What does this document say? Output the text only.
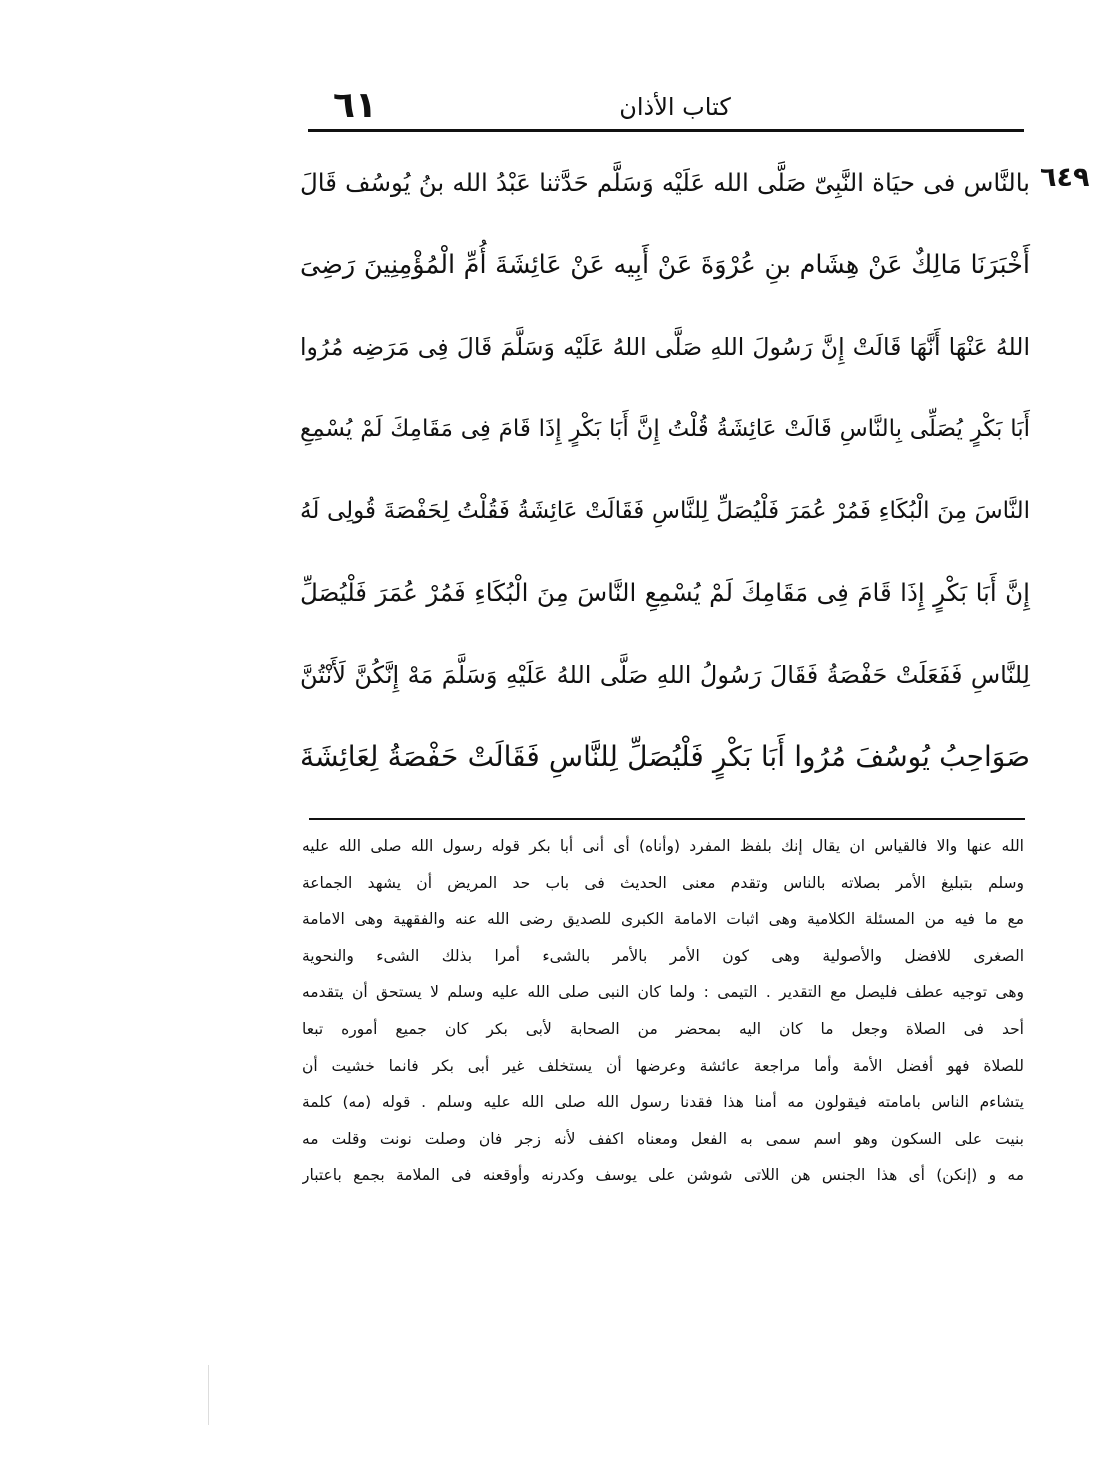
٦١	كتاب الأذان
٦٤٩
بالنَّاس فى حيَاة النَّبِىّ صَلَّى الله عَلَيْه وَسَلَّم حَدَّثنا عَبْدُ الله بنُ يُوسُف قَالَ
أَخْبَرَنَا مَالِكٌ عَنْ هِشَام بنِ عُرْوَةَ عَنْ أَبِيه عَنْ عَائِشَةَ أُمِّ الْمُؤْمِنِينَ رَضِىَ
اللهُ عَنْهَا أَنَّهَا قَالَتْ إِنَّ رَسُولَ اللهِ صَلَّى اللهُ عَلَيْه وَسَلَّمَ قَالَ فِى مَرَضِه مُرُوا
أَبَا بَكْرٍ يُصَلِّى بِالنَّاسِ قَالَتْ عَائِشَةُ قُلْتُ إِنَّ أَبَا بَكْرٍ إِذَا قَامَ فِى مَقَامِكَ لَمْ يُسْمِعِ
النَّاسَ مِنَ الْبُكَاءِ فَمُرْ عُمَرَ فَلْيُصَلِّ لِلنَّاسِ فَقَالَتْ عَائِشَةُ فَقُلْتُ لِحَفْصَةَ قُولِى لَهُ
إِنَّ أَبَا بَكْرٍ إِذَا قَامَ فِى مَقَامِكَ لَمْ يُسْمِعِ النَّاسَ مِنَ الْبُكَاءِ فَمُرْ عُمَرَ فَلْيُصَلِّ
لِلنَّاسِ فَفَعَلَتْ حَفْصَةُ فَقَالَ رَسُولُ اللهِ صَلَّى اللهُ عَلَيْهِ وَسَلَّمَ مَهْ إِنَّكُنَّ لَأَنْتُنَّ
صَوَاحِبُ يُوسُفَ مُرُوا أَبَا بَكْرٍ فَلْيُصَلِّ لِلنَّاسِ فَقَالَتْ حَفْصَةُ لِعَائِشَةَ
الله عنها والا فالقياس ان يقال إنك بلفظ المفرد (وأناه) أى أنى أبا بكر قوله رسول الله صلى الله عليه
وسلم بتبليغ الأمر بصلاته بالناس وتقدم معنى الحديث فى باب حد المريض أن يشهد الجماعة
مع ما فيه من المسئلة الكلامية وهى اثبات الامامة الكبرى للصديق رضى الله عنه والفقهية وهى الامامة
الصغرى للافضل والأصولية وهى كون الأمر بالأمر بالشىء أمرا بذلك الشىء والنحوية
وهى توجيه عطف فليصل مع التقدير . التيمى : ولما كان النبى صلى الله عليه وسلم لا يستحق أن يتقدمه
أحد فى الصلاة وجعل ما كان اليه بمحضر من الصحابة لأبى بكر كان جميع أموره تبعا
للصلاة فهو أفضل الأمة وأما مراجعة عائشة وعرضها أن يستخلف غير أبى بكر فانما خشيت أن
يتشاءم الناس بامامته فيقولون مه أمنا هذا فقدنا رسول الله صلى الله عليه وسلم . قوله (مه) كلمة
بنيت على السكون وهو اسم سمى به الفعل ومعناه اكفف لأنه زجر فان وصلت نونت وقلت مه
مه و (إنكن) أى هذا الجنس هن اللاتى شوشن على يوسف وكدرنه وأوقعنه فى الملامة بجمع باعتبار
